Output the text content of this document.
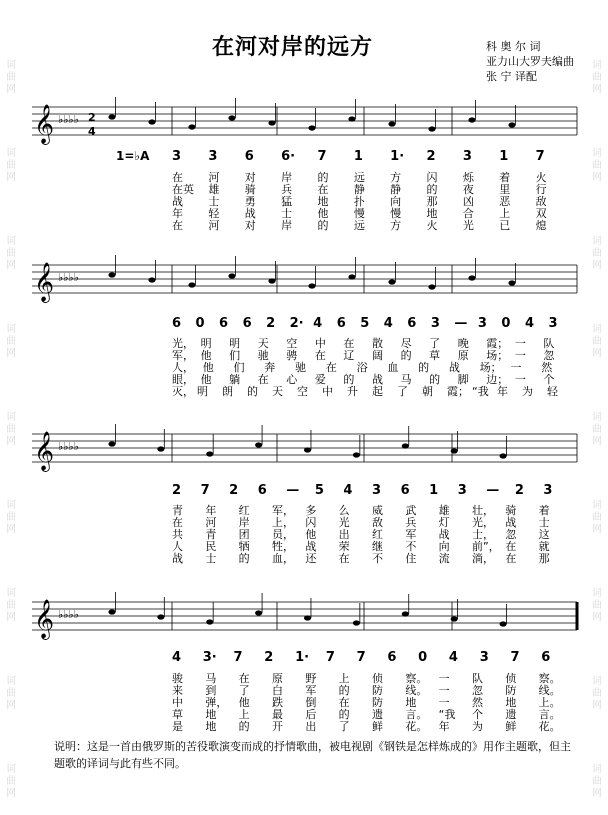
词
曲
网
词
曲
网
词
曲
网
词
曲
网
词
曲
网
词
曲
网
词
曲
网
词
曲
网
词
曲
网
词
曲
网
词
曲
网
词
曲
网
词
曲
网
词
曲
网
词
曲
网
词
曲
网
词
曲
网
词
曲
网
在河对岸的远方	科 奥 尔 词
亚力山大罗夫编曲
张 宁 译配
1=♭A
𝄞 ♭♭♭♭ 2
4
𝄞 ♭♭♭♭
𝄞 ♭♭♭♭
𝄞 ♭♭♭♭
3 3 6 6· 7 1 1· 2 3 1 7
6 0 6 6 2 2· 4 6 5 4 6 3 — 3 0 4 3
2 7 2 6 — 5 4 3 6 1 3 — 2 3
4 3· 7 2 1· 7 7 6 0 4 3 7 6
在 河 对 岸 的 远 方 闪 烁 着 火
在英 雄 骑 兵 在 静 静 的 夜 里 行
战 士 勇 猛 地 扑 向 那 凶 恶 敌
年 轻 战 士 他 慢 慢 地 合 上 双
在 河 对 岸 的 远 方 火 光 已 熄
光， 明 明 天 空 中 在 散 尽 了 晚 霞； 一 队
军， 他 们 驰 骋 在 辽 阔 的 草 原 场； 一 忽
人， 他 们 奔 驰 在 浴 血 的 战 场； 一 然
眼， 他 躺 在 心 爱 的 战 马 的 脚 边； 一 个
灭， 明 朗 的 天 空 中 升 起 了 朝 霞； “我 年 为 轻
青 年 红 军， 多 么 威 武 雄 壮， 骑 着
在 河 岸 上， 闪 光 敌 兵 灯 光， 战 士
共 青 团 员， 他 出 红 军 战 士， 忽 这
人 民 牺 牲， 战 荣 继 不 向 前”， 在 就
战 士 的 血， 还 在 不 住 流 淌， 在 那
骏 马 在 原 野 上 侦 察。 一 队 侦 察。
来 到 了 白 军 的 防 线。 一 忽 防 线。
中 弹， 他 跌 倒 在 防 地 一 然 地 上。
草 地 上 最 后 的 遗 言。 “我 个 遗 言。
是 地 的 开 出 了 鲜 花。 年 为 鲜 花。
说明：这是一首由俄罗斯的苦役歌演变而成的抒情歌曲，被电视剧《钢铁是怎样炼成的》用作主题歌，但主题歌的译词与此有些不同。
